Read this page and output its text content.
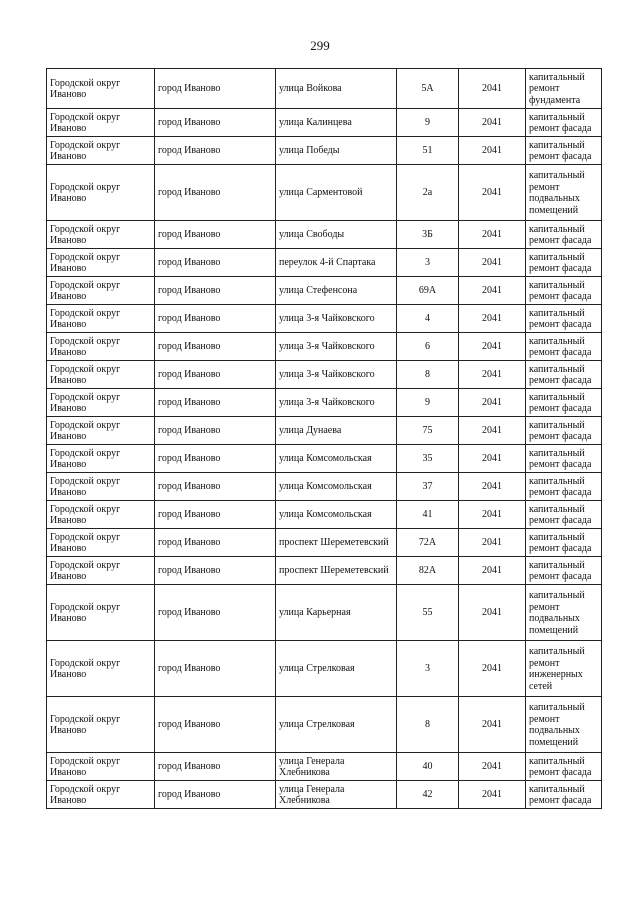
299
Городской округ Иваново	город Иваново	улица Войкова	5А	2041	капитальный ремонт фундамента
Городской округ Иваново	город Иваново	улица Калинцева	9	2041	капитальный ремонт фасада
Городской округ Иваново	город Иваново	улица Победы	51	2041	капитальный ремонт фасада
Городской округ Иваново	город Иваново	улица Сарментовой	2а	2041	капитальный ремонт подвальных помещений
Городской округ Иваново	город Иваново	улица Свободы	3Б	2041	капитальный ремонт фасада
Городской округ Иваново	город Иваново	переулок 4-й Спартака	3	2041	капитальный ремонт фасада
Городской округ Иваново	город Иваново	улица Стефенсона	69А	2041	капитальный ремонт фасада
Городской округ Иваново	город Иваново	улица 3-я Чайковского	4	2041	капитальный ремонт фасада
Городской округ Иваново	город Иваново	улица 3-я Чайковского	6	2041	капитальный ремонт фасада
Городской округ Иваново	город Иваново	улица 3-я Чайковского	8	2041	капитальный ремонт фасада
Городской округ Иваново	город Иваново	улица 3-я Чайковского	9	2041	капитальный ремонт фасада
Городской округ Иваново	город Иваново	улица Дунаева	75	2041	капитальный ремонт фасада
Городской округ Иваново	город Иваново	улица Комсомольская	35	2041	капитальный ремонт фасада
Городской округ Иваново	город Иваново	улица Комсомольская	37	2041	капитальный ремонт фасада
Городской округ Иваново	город Иваново	улица Комсомольская	41	2041	капитальный ремонт фасада
Городской округ Иваново	город Иваново	проспект Шереметевский	72А	2041	капитальный ремонт фасада
Городской округ Иваново	город Иваново	проспект Шереметевский	82А	2041	капитальный ремонт фасада
Городской округ Иваново	город Иваново	улица Карьерная	55	2041	капитальный ремонт подвальных помещений
Городской округ Иваново	город Иваново	улица Стрелковая	3	2041	капитальный ремонт инженерных сетей
Городской округ Иваново	город Иваново	улица Стрелковая	8	2041	капитальный ремонт подвальных помещений
Городской округ Иваново	город Иваново	улица Генерала Хлебникова	40	2041	капитальный ремонт фасада
Городской округ Иваново	город Иваново	улица Генерала Хлебникова	42	2041	капитальный ремонт фасада
